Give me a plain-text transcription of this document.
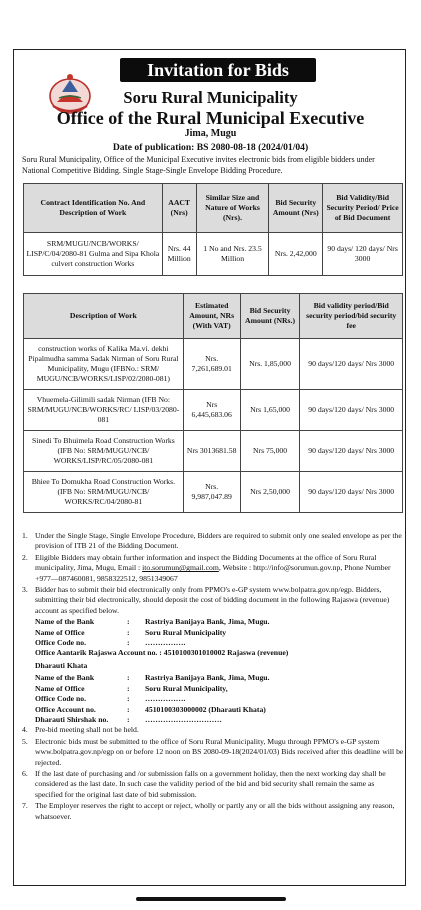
Invitation for Bids
Soru Rural Municipality
Office of the Rural Municipal Executive
Jima, Mugu
Date of publication: BS 2080-08-18 (2024/01/04)
Soru Rural Municipality, Office of the Municipal Executive invites electronic bids from eligible bidders under National Competitive Bidding. Single Stage-Single Envelope Bidding Procedure.
Contract Identification No. And Description of Work	AACT (Nrs)	Similar Size and Nature of Works (Nrs).	Bid Security Amount (Nrs)	Bid Validity/Bid Security Period/ Price of Bid Document
SRM/MUGU/NCB/WORKS/ LISP/C/04/2080-81 Gulma and Sipa Khola culvert construction Works	Nrs. 44 Million	1 No and Nrs. 23.5 Million	Nrs. 2,42,000	90 days/ 120 days/ Nrs 3000
Description of Work	Estimated Amount, NRs (With VAT)	Bid Security Amount (NRs.)	Bid validity period/Bid security period/bid security fee
construction works of Kalika Ma.vi. dekhi Pipalmudha samma Sadak Nirman of Soru Rural Municipality, Mugu (IFBNo.: SRM/ MUGU/NCB/WORKS/LISP/02/2080-081)	Nrs. 7,261,689.01	Nrs. 1,85,000	90 days/120 days/ Nrs 3000
Vhuemela-Gilimili sadak Nirman (IFB No: SRM/MUGU/NCB/WORKS/RC/ LISP/03/2080-081	Nrs 6,445,683.06	Nrs 1,65,000	90 days/120 days/ Nrs 3000
Sinedi To Bhuimela Road Construction Works (IFB No: SRM/MUGU/NCB/ WORKS/LISP/RC/05/2080-081	Nrs 3013681.58	Nrs 75,000	90 days/120 days/ Nrs 3000
Bhiee To Domukha Road Construction Works. (IFB No: SRM/MUGU/NCB/ WORKS/RC/04/2080-81	Nrs. 9,987,047.89	Nrs 2,50,000	90 days/120 days/ Nrs 3000
1. Under the Single Stage, Single Envelope Procedure, Bidders are required to submit only one sealed envelope as per the provision of ITB 21 of the Bidding Document.
2. Eligible Bidders may obtain further information and inspect the Bidding Documents at the office of Soru Rural municipality, Jima, Mugu, Email : ito.sorumun@gmail.com, Website : http://info@sorumun.gov.np, Phone Number +977—087460081, 9858322512, 9851349067
3. Bidder has to submit their bid electronically only from PPMO's e-GP system www.bolpatra.gov.np/egp. Bidders, submitting their bid electronically, should deposit the cost of bidding document in the following Rajaswa (revenue) account as specified below.
Name of the Bank	:	Rastriya Banijaya Bank, Jima, Mugu.
Name of Office	:	Soru Rural Municipality
Office Code no.	:	…………….
Office Aantarik Rajaswa Account no. : 4510100301010002 Rajaswa (revenue)
Dharauti Khata
Name of the Bank	:	Rastriya Banijaya Bank, Jima, Mugu.
Name of Office	:	Soru Rural Municipality,
Office Code no.	:	…………….
Office Account no.	:	4510100303000002 (Dharauti Khata)
Dharauti Shirshak no.	:	…………………………
4. Pre-bid meeting shall not be held.
5. Electronic bids must be submitted to the office of Soru Rural Municipality, Mugu through PPMO's e-GP system www.bolpatra.gov.np/egp on or before 12 noon on BS 2080-09-18(2024/01/03) Bids received after this deadline will be rejected.
6. If the last date of purchasing and /or submission falls on a government holiday, then the next working day shall be considered as the last date. In such case the validity period of the bid and bid security shall remain the same as specified for the original last date of bid submission.
7. The Employer reserves the right to accept or reject, wholly or partly any or all the bids without assigning any reason, whatsoever.
